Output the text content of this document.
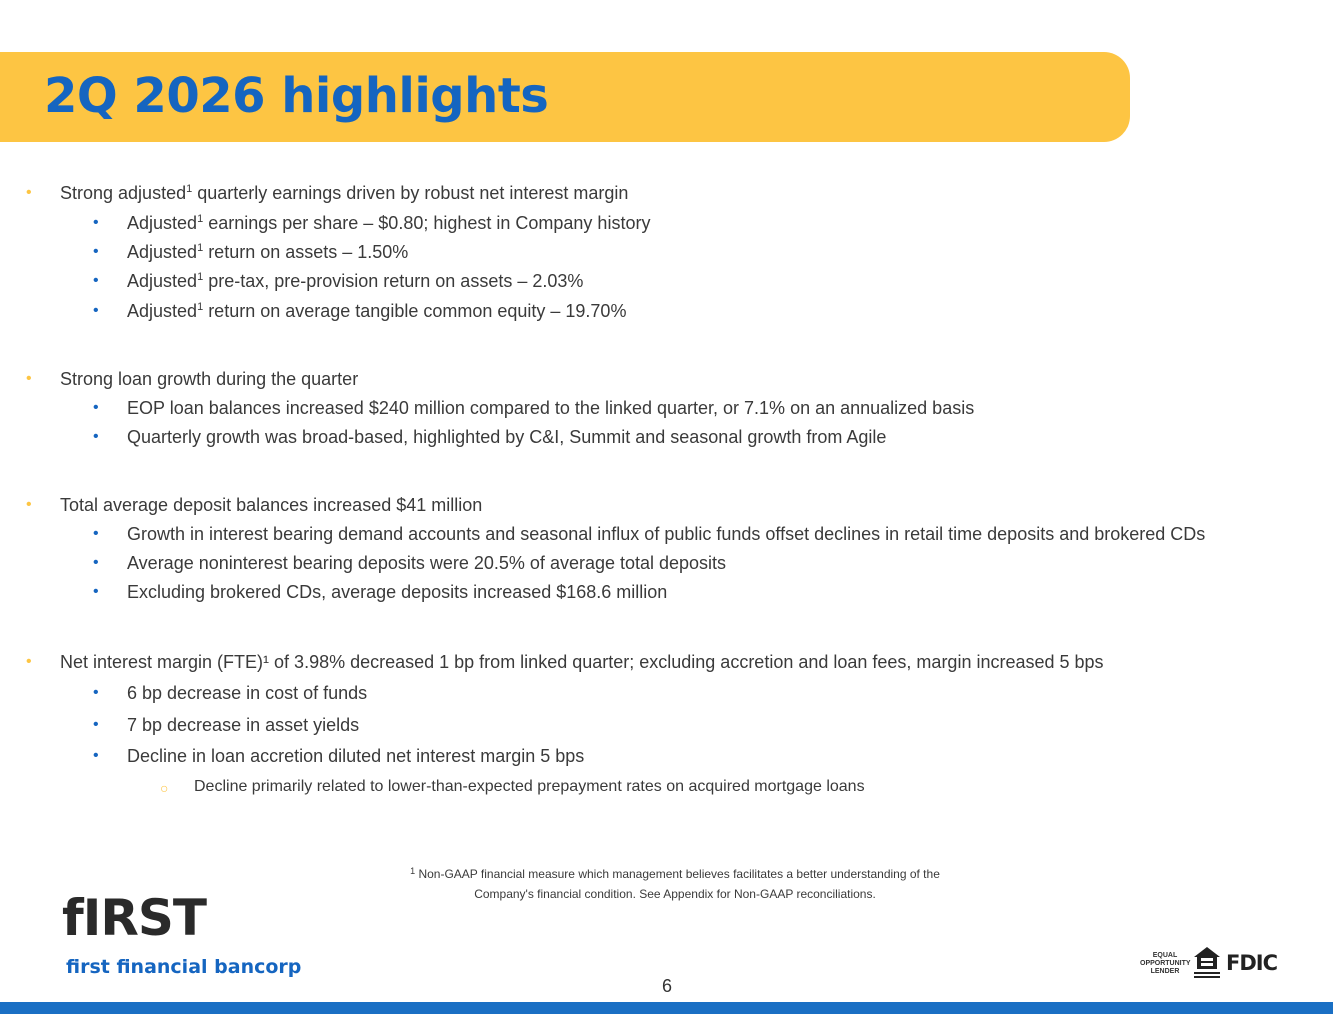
2Q 2026 highlights
• Strong adjusted$^1$ quarterly earnings driven by robust net interest margin

• Adjusted$^1$ earnings per share – $0.80; highest in Company history

• Adjusted$^1$ return on assets – 1.50%

• Adjusted$^1$ pre-tax, pre-provision return on assets – 2.03%

• Adjusted$^1$ return on average tangible common equity – 19.70%

• Strong loan growth during the quarter

• EOP loan balances increased $240 million compared to the linked quarter, or 7.1% on an annualized basis

• Quarterly growth was broad-based, highlighted by C&I, Summit and seasonal growth from Agile

• Total average deposit balances increased $41 million

• Growth in interest bearing demand accounts and seasonal influx of public funds offset declines in retail time deposits and brokered CDs

• Average noninterest bearing deposits were 20.5% of average total deposits

• Excluding brokered CDs, average deposits increased $168.6 million

• Net interest margin (FTE)¹ of 3.98% decreased 1 bp from linked quarter; excluding accretion and loan fees, margin increased 5 bps

• 6 bp decrease in cost of funds

• 7 bp decrease in asset yields

• Decline in loan accretion diluted net interest margin 5 bps

○ Decline primarily related to lower-than-expected prepayment rates on acquired mortgage loans

$^1$ Non-GAAP financial measure which management believes facilitates a better understanding of the
Company's financial condition. See Appendix for Non-GAAP reconciliations.
fIRST
first financial bancorp
6
EQUAL OPPORTUNITY LENDER	FDIC
